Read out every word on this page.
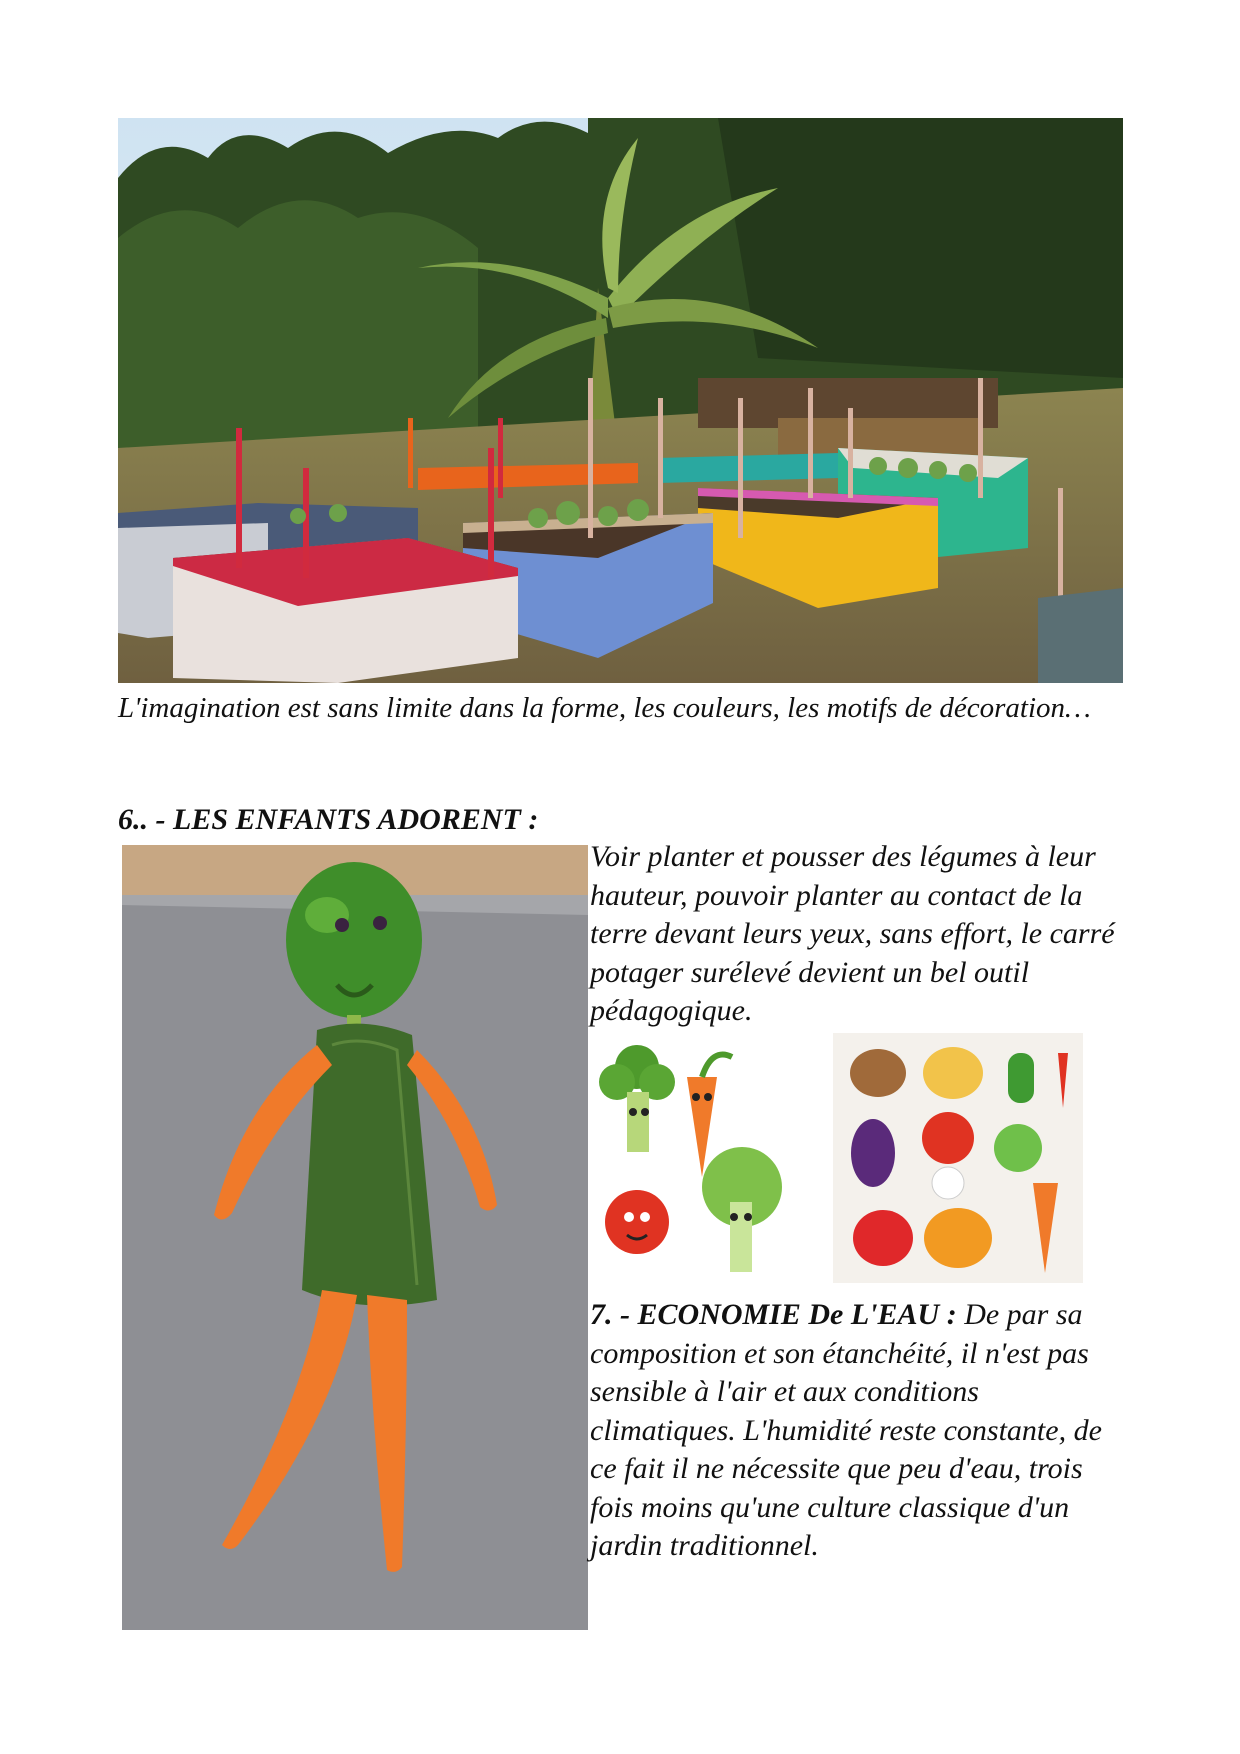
L'imagination est sans limite dans la forme, les couleurs, les motifs de décoration…

6.. - LES ENFANTS ADORENT :

Voir planter et pousser des légumes à leur hauteur, pouvoir planter au contact de la terre devant leurs yeux, sans effort, le carré potager surélevé devient un bel outil pédagogique.

7. - ECONOMIE De L'EAU : De par sa composition et son étanchéité, il n'est pas sensible à l'air et aux conditions climatiques. L'humidité reste constante, de ce fait il ne nécessite que peu d'eau, trois fois moins qu'une culture classique d'un jardin traditionnel.
